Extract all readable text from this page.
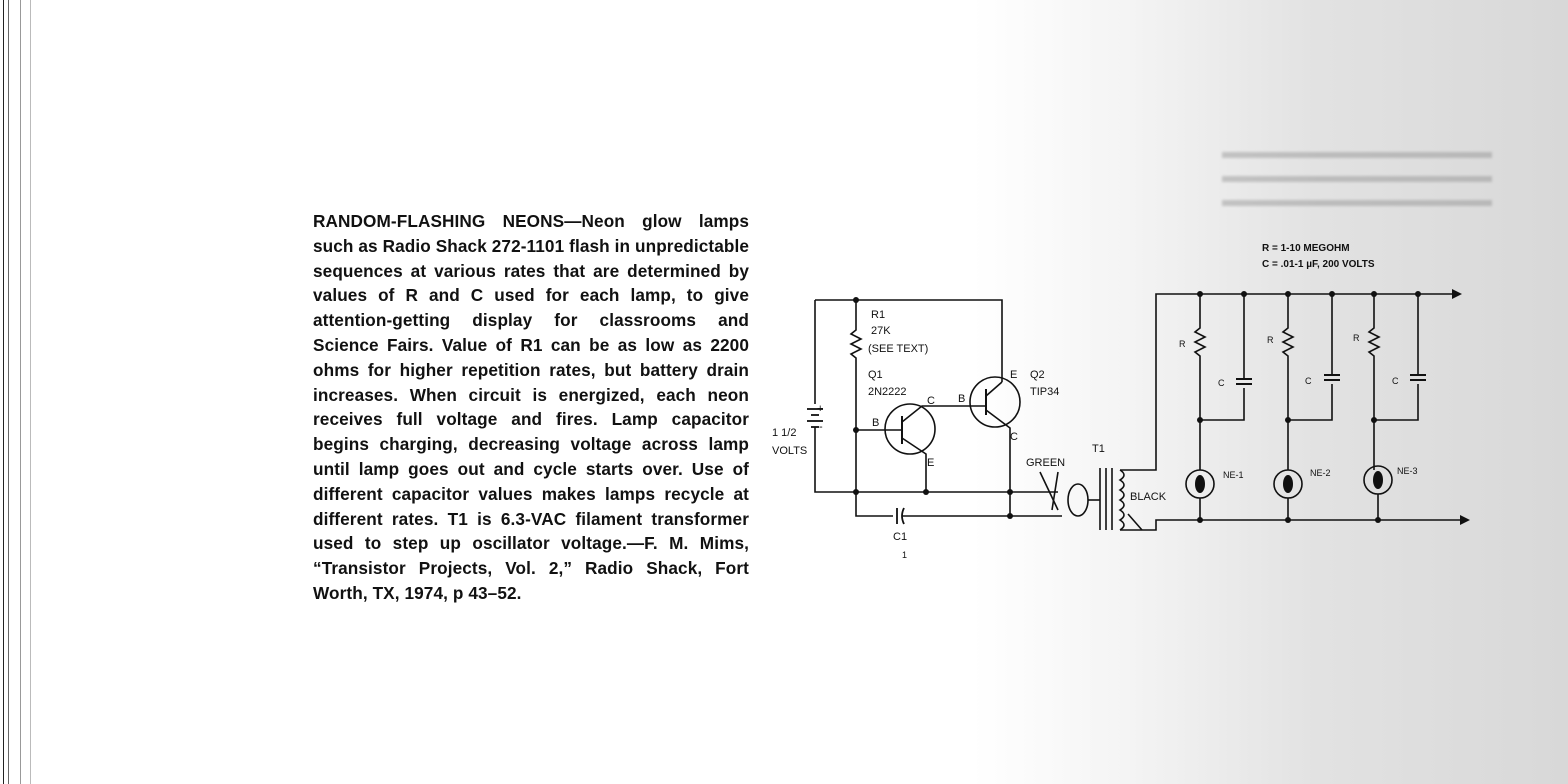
RANDOM-FLASHING NEONS—Neon glow lamps such as Radio Shack 272-1101 flash in unpredictable sequences at various rates that are determined by values of R and C used for each lamp, to give attention-getting display for classrooms and Science Fairs. Value of R1 can be as low as 2200 ohms for higher repetition rates, but battery drain increases. When circuit is energized, each neon receives full voltage and fires. Lamp capacitor begins charging, decreasing voltage across lamp until lamp goes out and cycle starts over. Use of different capacitor values makes lamps recycle at different rates. T1 is 6.3-VAC filament transformer used to step up oscillator voltage.—F. M. Mims, “Transistor Projects, Vol. 2,” Radio Shack, Fort Worth, TX, 1974, p 43–52.
R1
27K
(SEE TEXT)
Q1
2N2222
Q2
TIP34
1 1/2
VOLTS
+
-	B
C
E
B
E
C
C1
1
T1
GREEN
BLACK
R = 1-10 MEGOHM
C = .01-1 µF, 200 VOLTS
R	R	R
C	C	C
NE-1	NE-2	NE-3
